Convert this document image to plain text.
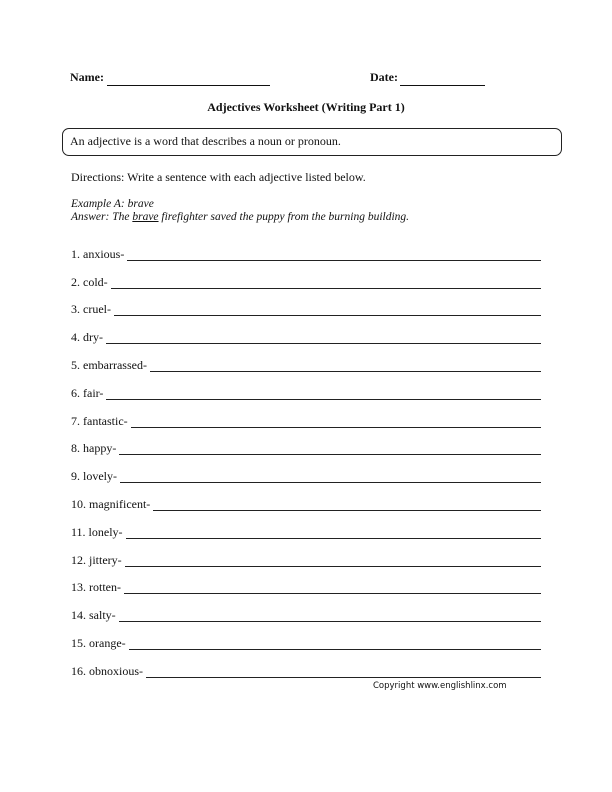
Name:	Date:
Adjectives Worksheet (Writing Part 1)
An adjective is a word that describes a noun or pronoun.
Directions: Write a sentence with each adjective listed below.
Example A: brave
Answer: The brave firefighter saved the puppy from the burning building.
1. anxious-
2. cold-
3. cruel-
4. dry-
5. embarrassed-
6. fair-
7. fantastic-
8. happy-
9. lovely-
10. magnificent-
11. lonely-
12. jittery-
13. rotten-
14. salty-
15. orange-
16. obnoxious-
Copyright www.englishlinx.com
